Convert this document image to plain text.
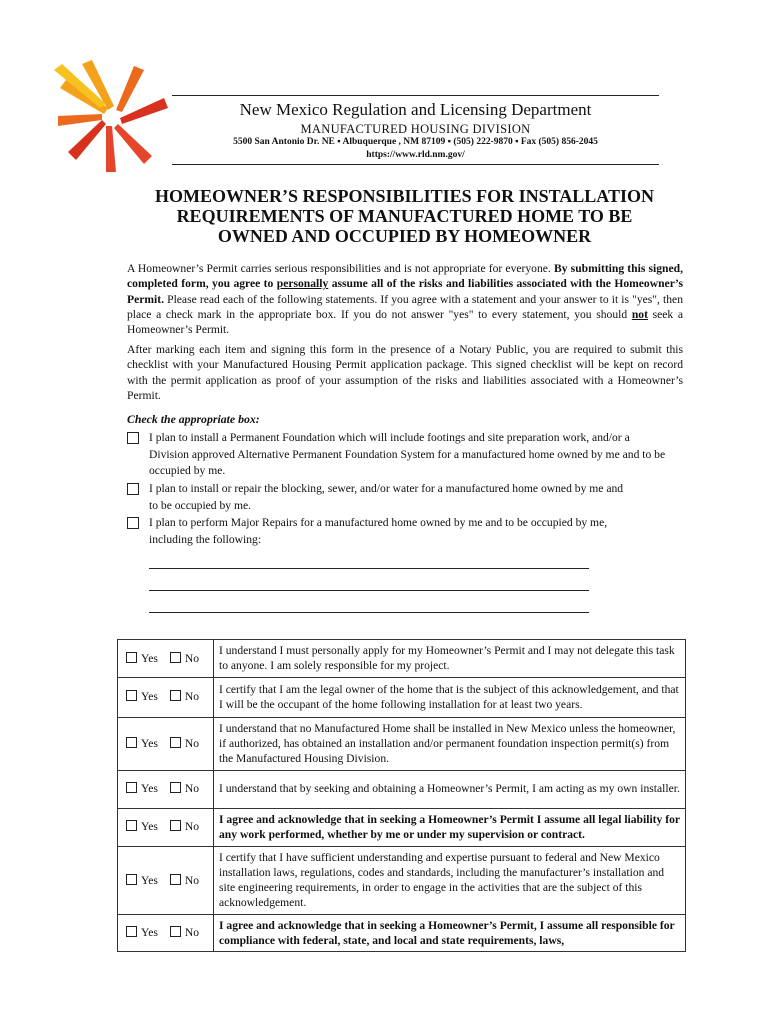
New Mexico Regulation and Licensing Department
MANUFACTURED HOUSING DIVISION
5500 San Antonio Dr. NE ▪ Albuquerque , NM 87109 ▪ (505) 222-9870 ▪ Fax (505) 856-2045
https://www.rld.nm.gov/
HOMEOWNER’S RESPONSIBILITIES FOR INSTALLATION
REQUIREMENTS OF MANUFACTURED HOME TO BE
OWNED AND OCCUPIED BY HOMEOWNER
A Homeowner’s Permit carries serious responsibilities and is not appropriate for everyone. By submitting this signed, completed form, you agree to personally assume all of the risks and liabilities associated with the Homeowner’s Permit. Please read each of the following statements. If you agree with a statement and your answer to it is "yes", then place a check mark in the appropriate box. If you do not answer "yes" to every statement, you should not seek a Homeowner’s Permit.
After marking each item and signing this form in the presence of a Notary Public, you are required to submit this checklist with your Manufactured Housing Permit application package. This signed checklist will be kept on record with the permit application as proof of your assumption of the risks and liabilities associated with a Homeowner’s Permit.
Check the appropriate box:
I plan to install a Permanent Foundation which will include footings and site preparation work, and/or a
Division approved Alternative Permanent Foundation System for a manufactured home owned by me and to be occupied by me.
I plan to install or repair the blocking, sewer, and/or water for a manufactured home owned by me and
to be occupied by me.
I plan to perform Major Repairs for a manufactured home owned by me and to be occupied by me,
including the following:
Yes No	I understand I must personally apply for my Homeowner’s Permit and I may not delegate this task to anyone. I am solely responsible for my project.
Yes No	I certify that I am the legal owner of the home that is the subject of this acknowledgement, and that I will be the occupant of the home following installation for at least two years.
Yes No	I understand that no Manufactured Home shall be installed in New Mexico unless the homeowner, if authorized, has obtained an installation and/or permanent foundation inspection permit(s) from the Manufactured Housing Division.
Yes No	I understand that by seeking and obtaining a Homeowner’s Permit, I am acting as my own installer.
Yes No	I agree and acknowledge that in seeking a Homeowner’s Permit I assume all legal liability for any work performed, whether by me or under my supervision or contract.
Yes No	I certify that I have sufficient understanding and expertise pursuant to federal and New Mexico installation laws, regulations, codes and standards, including the manufacturer’s installation and site engineering requirements, in order to engage in the activities that are the subject of this acknowledgement.
Yes No	I agree and acknowledge that in seeking a Homeowner’s Permit, I assume all responsible for compliance with federal, state, and local and state requirements, laws,
